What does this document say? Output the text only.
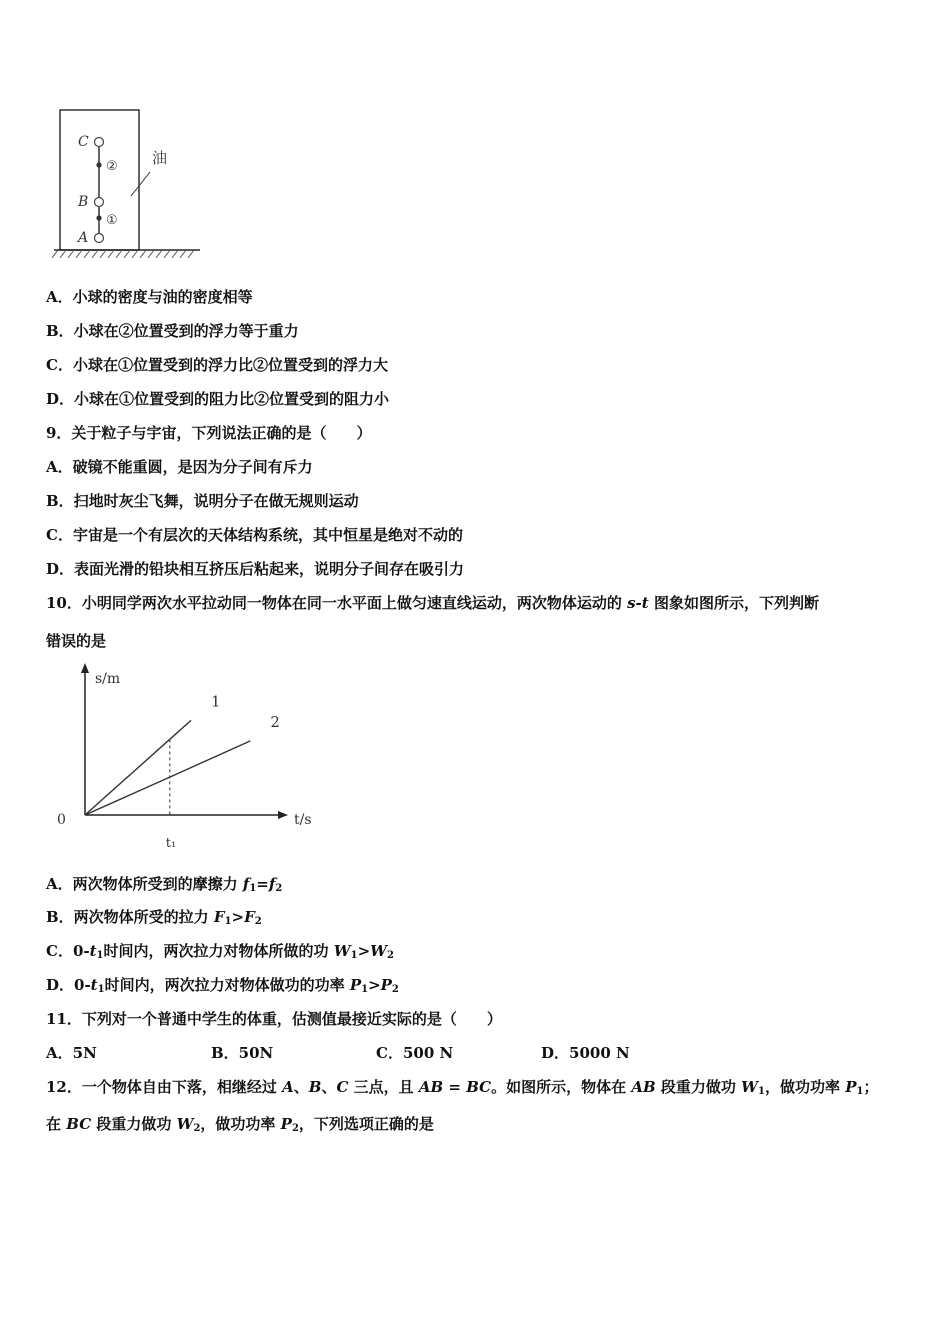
C
B
A
②
①
油
A．小球的密度与油的密度相等
B．小球在②位置受到的浮力等于重力
C．小球在①位置受到的浮力比②位置受到的浮力大
D．小球在①位置受到的阻力比②位置受到的阻力小
9．关于粒子与宇宙，下列说法正确的是（　　）
A．破镜不能重圆，是因为分子间有斥力
B．扫地时灰尘飞舞，说明分子在做无规则运动
C．宇宙是一个有层次的天体结构系统，其中恒星是绝对不动的
D．表面光滑的铅块相互挤压后粘起来，说明分子间存在吸引力
10．小明同学两次水平拉动同一物体在同一水平面上做匀速直线运动，两次物体运动的 s-t 图象如图所示，下列判断
错误的是
s/m
t/s
0
t₁
1
2
A．两次物体所受到的摩擦力 $f_1=f_2$
B．两次物体所受的拉力 $F_1>F_2$
C．$0-t_1$时间内，两次拉力对物体所做的功 $W_1>W_2$
D．$0-t_1$时间内，两次拉力对物体做功的功率 $P_1>P_2$
11．下列对一个普通中学生的体重，估测值最接近实际的是（　　）
A．5N	B．50N	C．500 N	D．5000 N
12．一个物体自由下落，相继经过 A、B、C 三点，且 AB = BC。如图所示，物体在 AB 段重力做功 $W_1$，做功功率 $P_1$；
在 BC 段重力做功 $W_2$，做功功率 $P_2$，下列选项正确的是
